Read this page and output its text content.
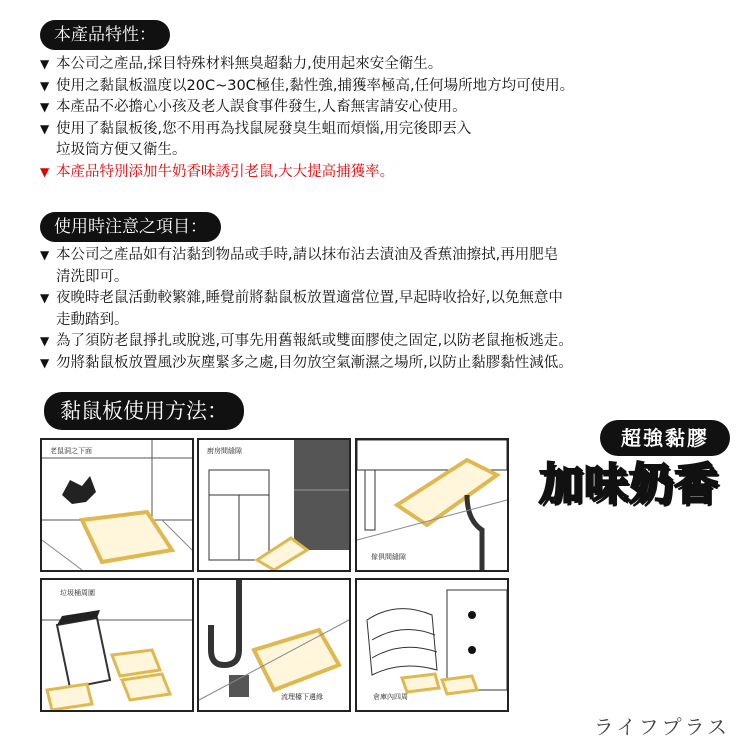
本產品特性：
▼ 本公司之產品,採目特殊材料無臭超黏力,使用起來安全衛生。
▼ 使用之黏鼠板溫度以20C~30C極佳,黏性強,捕獲率極高,任何場所地方均可使用。
▼ 本產品不必擔心小孩及老人誤食事件發生,人畜無害請安心使用。
▼ 使用了黏鼠板後,您不用再為找鼠屍發臭生蛆而煩惱,用完後即丟入
垃圾筒方便又衛生。
▼ 本產品特別添加牛奶香味誘引老鼠,大大提高捕獲率。
使用時注意之項目：
▼ 本公司之產品如有沾黏到物品或手時,請以抹布沾去漬油及香蕉油擦拭,再用肥皂
清洗即可。
▼ 夜晚時老鼠活動較繁雜,睡覺前將黏鼠板放置適當位置,早起時收拾好,以免無意中
走動踏到。
▼ 為了須防老鼠掙扎或脫逃,可事先用舊報紙或雙面膠使之固定,以防老鼠拖板逃走。
▼ 勿將黏鼠板放置風沙灰塵緊多之處,目勿放空氣漸濕之場所,以防止黏膠黏性減低。
黏鼠板使用方法：
超強黏膠
加味奶香
老鼠洞之下面	廚房間縫隙
傢俱間縫隙
垃圾桶周圍
流理檯下邊緣	倉庫內四周
ライフプラス
